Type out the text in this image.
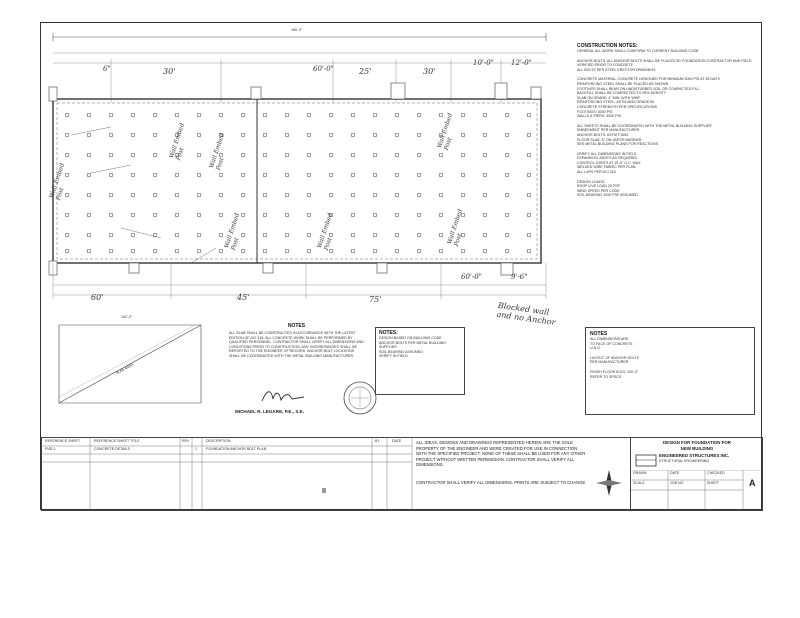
6"	30'	60'-0"	25'	30'
10'-0" 12'-0"
180'-0"
Wall Embed Post	Wall Embed Post
Wall Embed Post
Wall Embed Post	Wall Embed Post	Wall Embed Post
Wall Embed Post
60'	45'	75'
60'-0"	9'-6"
Blocked wall and no Anchor
CONSTRUCTION NOTES:
GENERAL ALL WORK SHALL CONFORM TO CURRENT BUILDING CODE
ANCHOR BOLTS: ALL ANCHOR BOLTS SHALL BE PLACED BY FOUNDATION CONTRACTOR AND FIELD VERIFIED PRIOR TO CONCRETE
ALL BOLTS PER STEEL ERECTOR DRAWINGS
CONCRETE MATERIAL: CONCRETE DESIGNED FOR MINIMUM 3000 PSI AT 28 DAYS
REINFORCING STEEL SHALL BE PLACED AS SHOWN
FOOTINGS SHALL BEAR ON UNDISTURBED SOIL OR COMPACTED FILL
BACKFILL SHALL BE COMPACTED TO 95% DENSITY
SLAB ON GRADE: 4" MIN. WITH WWF
REINFORCING STEEL: ASTM A615 GRADE 60
CONCRETE STRENGTH PER SPECIFICATIONS
FOOTINGS: 3000 PSI
WALLS & PIERS: 3000 PSI
ALL SHEETS SHALL BE COORDINATED WITH THE METAL BUILDING SUPPLIER
EMBEDMENT PER MANUFACTURER
ANCHOR BOLTS: ASTM F1554
FLOOR SLAB: 5" ON VAPOR BARRIER
SEE METAL BUILDING PLANS FOR REACTIONS
VERIFY ALL DIMENSIONS IN FIELD
EXPANSION JOINTS AS REQUIRED
CONTROL JOINTS AT 15'-0" O.C. MAX
WELDED WIRE FABRIC PER PLAN
ALL LAPS PER ACI 318
DESIGN LOADS:
ROOF LIVE LOAD 20 PSF
WIND SPEED PER CODE
SOIL BEARING 2000 PSF ASSUMED
102'-0"
SLAB AREA
NOTES
ALL SLAB SHALL BE CONSTRUCTED IN ACCORDANCE WITH THE LATEST EDITION OF ACI 318. ALL CONCRETE WORK SHALL BE PERFORMED BY QUALIFIED PERSONNEL. CONTRACTOR SHALL VERIFY ALL DIMENSIONS AND CONDITIONS PRIOR TO CONSTRUCTION. ANY DISCREPANCIES SHALL BE REPORTED TO THE ENGINEER OF RECORD. ANCHOR BOLT LOCATIONS SHALL BE COORDINATED WITH THE METAL BUILDING MANUFACTURER.
MICHAEL R. LEGARE, P.E., S.E.
NOTES:
DESIGN BASED ON BUILDING CODE
ANCHOR BOLTS PER METAL BUILDING SUPPLIER
SOIL BEARING ASSUMED
VERIFY IN FIELD
NOTES
ALL DIMENSIONS ARE
TO FACE OF CONCRETE
U.N.O.
LAYOUT OF ANCHOR BOLTS
PER MANUFACTURER
FINISH FLOOR ELEV. 100'-0"
REFER TO SPECS
REFERENCE SHEET	REFERENCE SHEET TITLE	REV	DESCRIPTION
FND-1	CONCRETE DETAILS	1	FOUNDATION ANCHOR BOLT PLAN
BY	DATE	ALL IDEAS, DESIGNS AND DRAWINGS REPRESENTED HEREIN ARE THE SOLE PROPERTY OF THE ENGINEER AND WERE CREATED FOR USE IN CONNECTION WITH THE SPECIFIED PROJECT. NONE OF THESE SHALL BE USED FOR ANY OTHER PROJECT WITHOUT WRITTEN PERMISSION. CONTRACTOR SHALL VERIFY ALL DIMENSIONS.
CONTRACTOR SHALL VERIFY ALL DIMENSIONS. PRINTS ARE SUBJECT TO CHANGE
DESIGN FOR FOUNDATION FOR
NEW BUILDING
ENGINEERED STRUCTURES INC.
STRUCTURAL ENGINEERING
DRAWN	DATE	CHECKED
SCALE	JOB NO	SHEET	A
